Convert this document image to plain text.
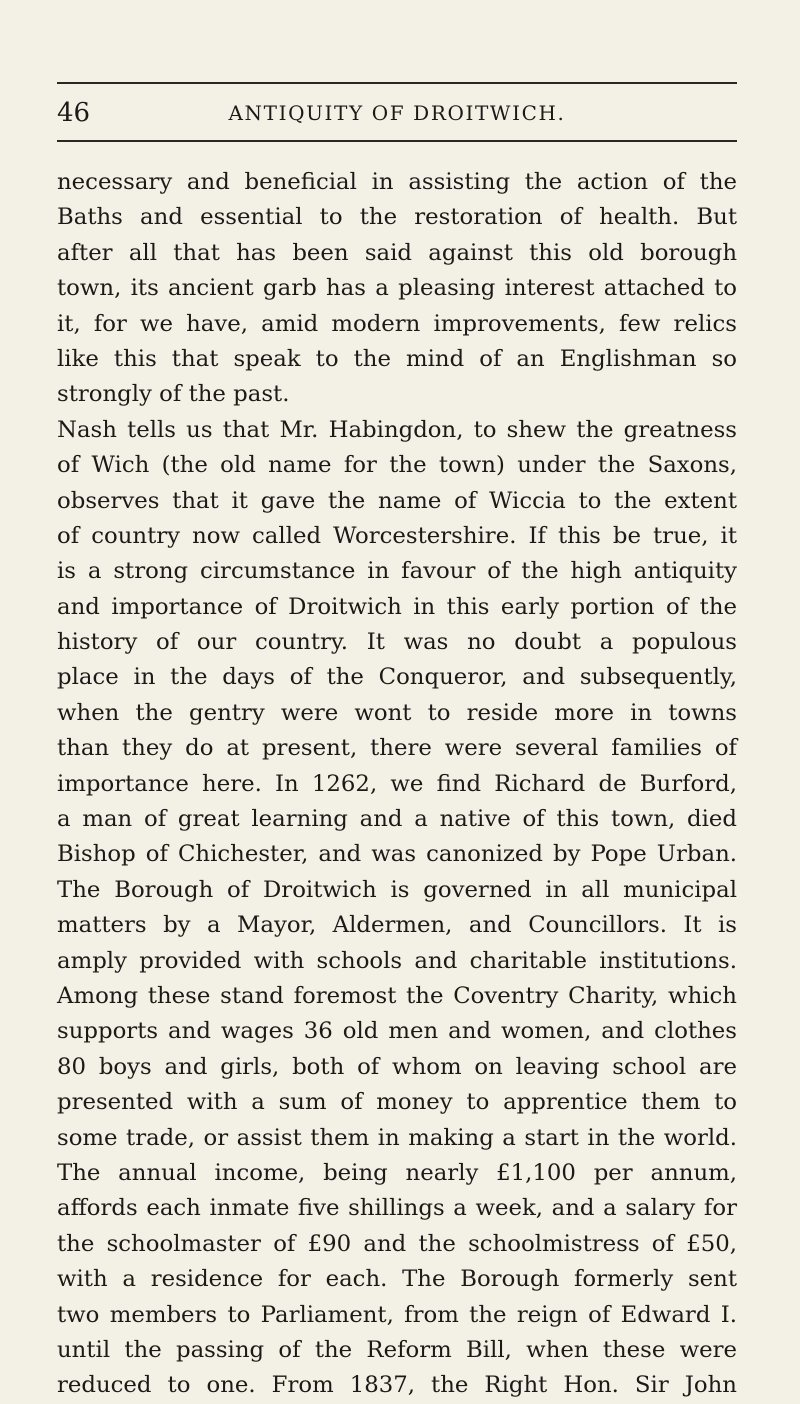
46	ANTIQUITY OF DROITWICH.
necessary and beneficial in assisting the action of the
Baths and essential to the restoration of health. But
after all that has been said against this old borough
town, its ancient garb has a pleasing interest attached to
it, for we have, amid modern improvements, few relics
like this that speak to the mind of an Englishman so
strongly of the past.
Nash tells us that Mr. Habingdon, to shew the greatness
of Wich (the old name for the town) under the Saxons,
observes that it gave the name of Wiccia to the extent
of country now called Worcestershire. If this be true, it
is a strong circumstance in favour of the high antiquity
and importance of Droitwich in this early portion of the
history of our country. It was no doubt a populous
place in the days of the Conqueror, and subsequently,
when the gentry were wont to reside more in towns
than they do at present, there were several families of
importance here. In 1262, we find Richard de Burford,
a man of great learning and a native of this town, died
Bishop of Chichester, and was canonized by Pope Urban.
The Borough of Droitwich is governed in all municipal
matters by a Mayor, Aldermen, and Councillors. It is
amply provided with schools and charitable institutions.
Among these stand foremost the Coventry Charity, which
supports and wages 36 old men and women, and clothes
80 boys and girls, both of whom on leaving school are
presented with a sum of money to apprentice them to
some trade, or assist them in making a start in the world.
The annual income, being nearly £1,100 per annum,
affords each inmate five shillings a week, and a salary for
the schoolmaster of £90 and the schoolmistress of £50,
with a residence for each. The Borough formerly sent
two members to Parliament, from the reign of Edward I.
until the passing of the Reform Bill, when these were
reduced to one. From 1837, the Right Hon. Sir John
